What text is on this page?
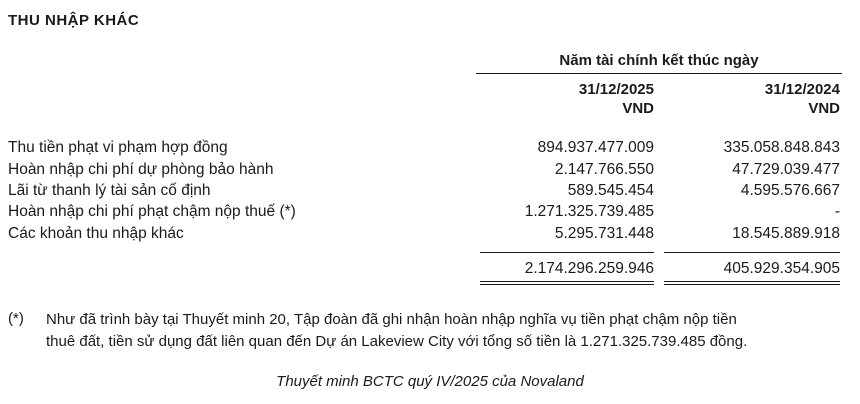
THU NHẬP KHÁC
Năm tài chính kết thúc ngày
31/12/2025
VND
31/12/2024
VND
Thu tiền phạt vi phạm hợp đồng	894.937.477.009	335.058.848.843
Hoàn nhập chi phí dự phòng bảo hành	2.147.766.550	47.729.039.477
Lãi từ thanh lý tài sản cố định	589.545.454	4.595.576.667
Hoàn nhập chi phí phạt chậm nộp thuế (*)	1.271.325.739.485	-
Các khoản thu nhập khác	5.295.731.448	18.545.889.918
2.174.296.259.946	405.929.354.905
(*) Như đã trình bày tại Thuyết minh 20, Tập đoàn đã ghi nhận hoàn nhập nghĩa vụ tiền phạt chậm nộp tiền
thuê đất, tiền sử dụng đất liên quan đến Dự án Lakeview City với tổng số tiền là 1.271.325.739.485 đồng.
Thuyết minh BCTC quý IV/2025 của Novaland
